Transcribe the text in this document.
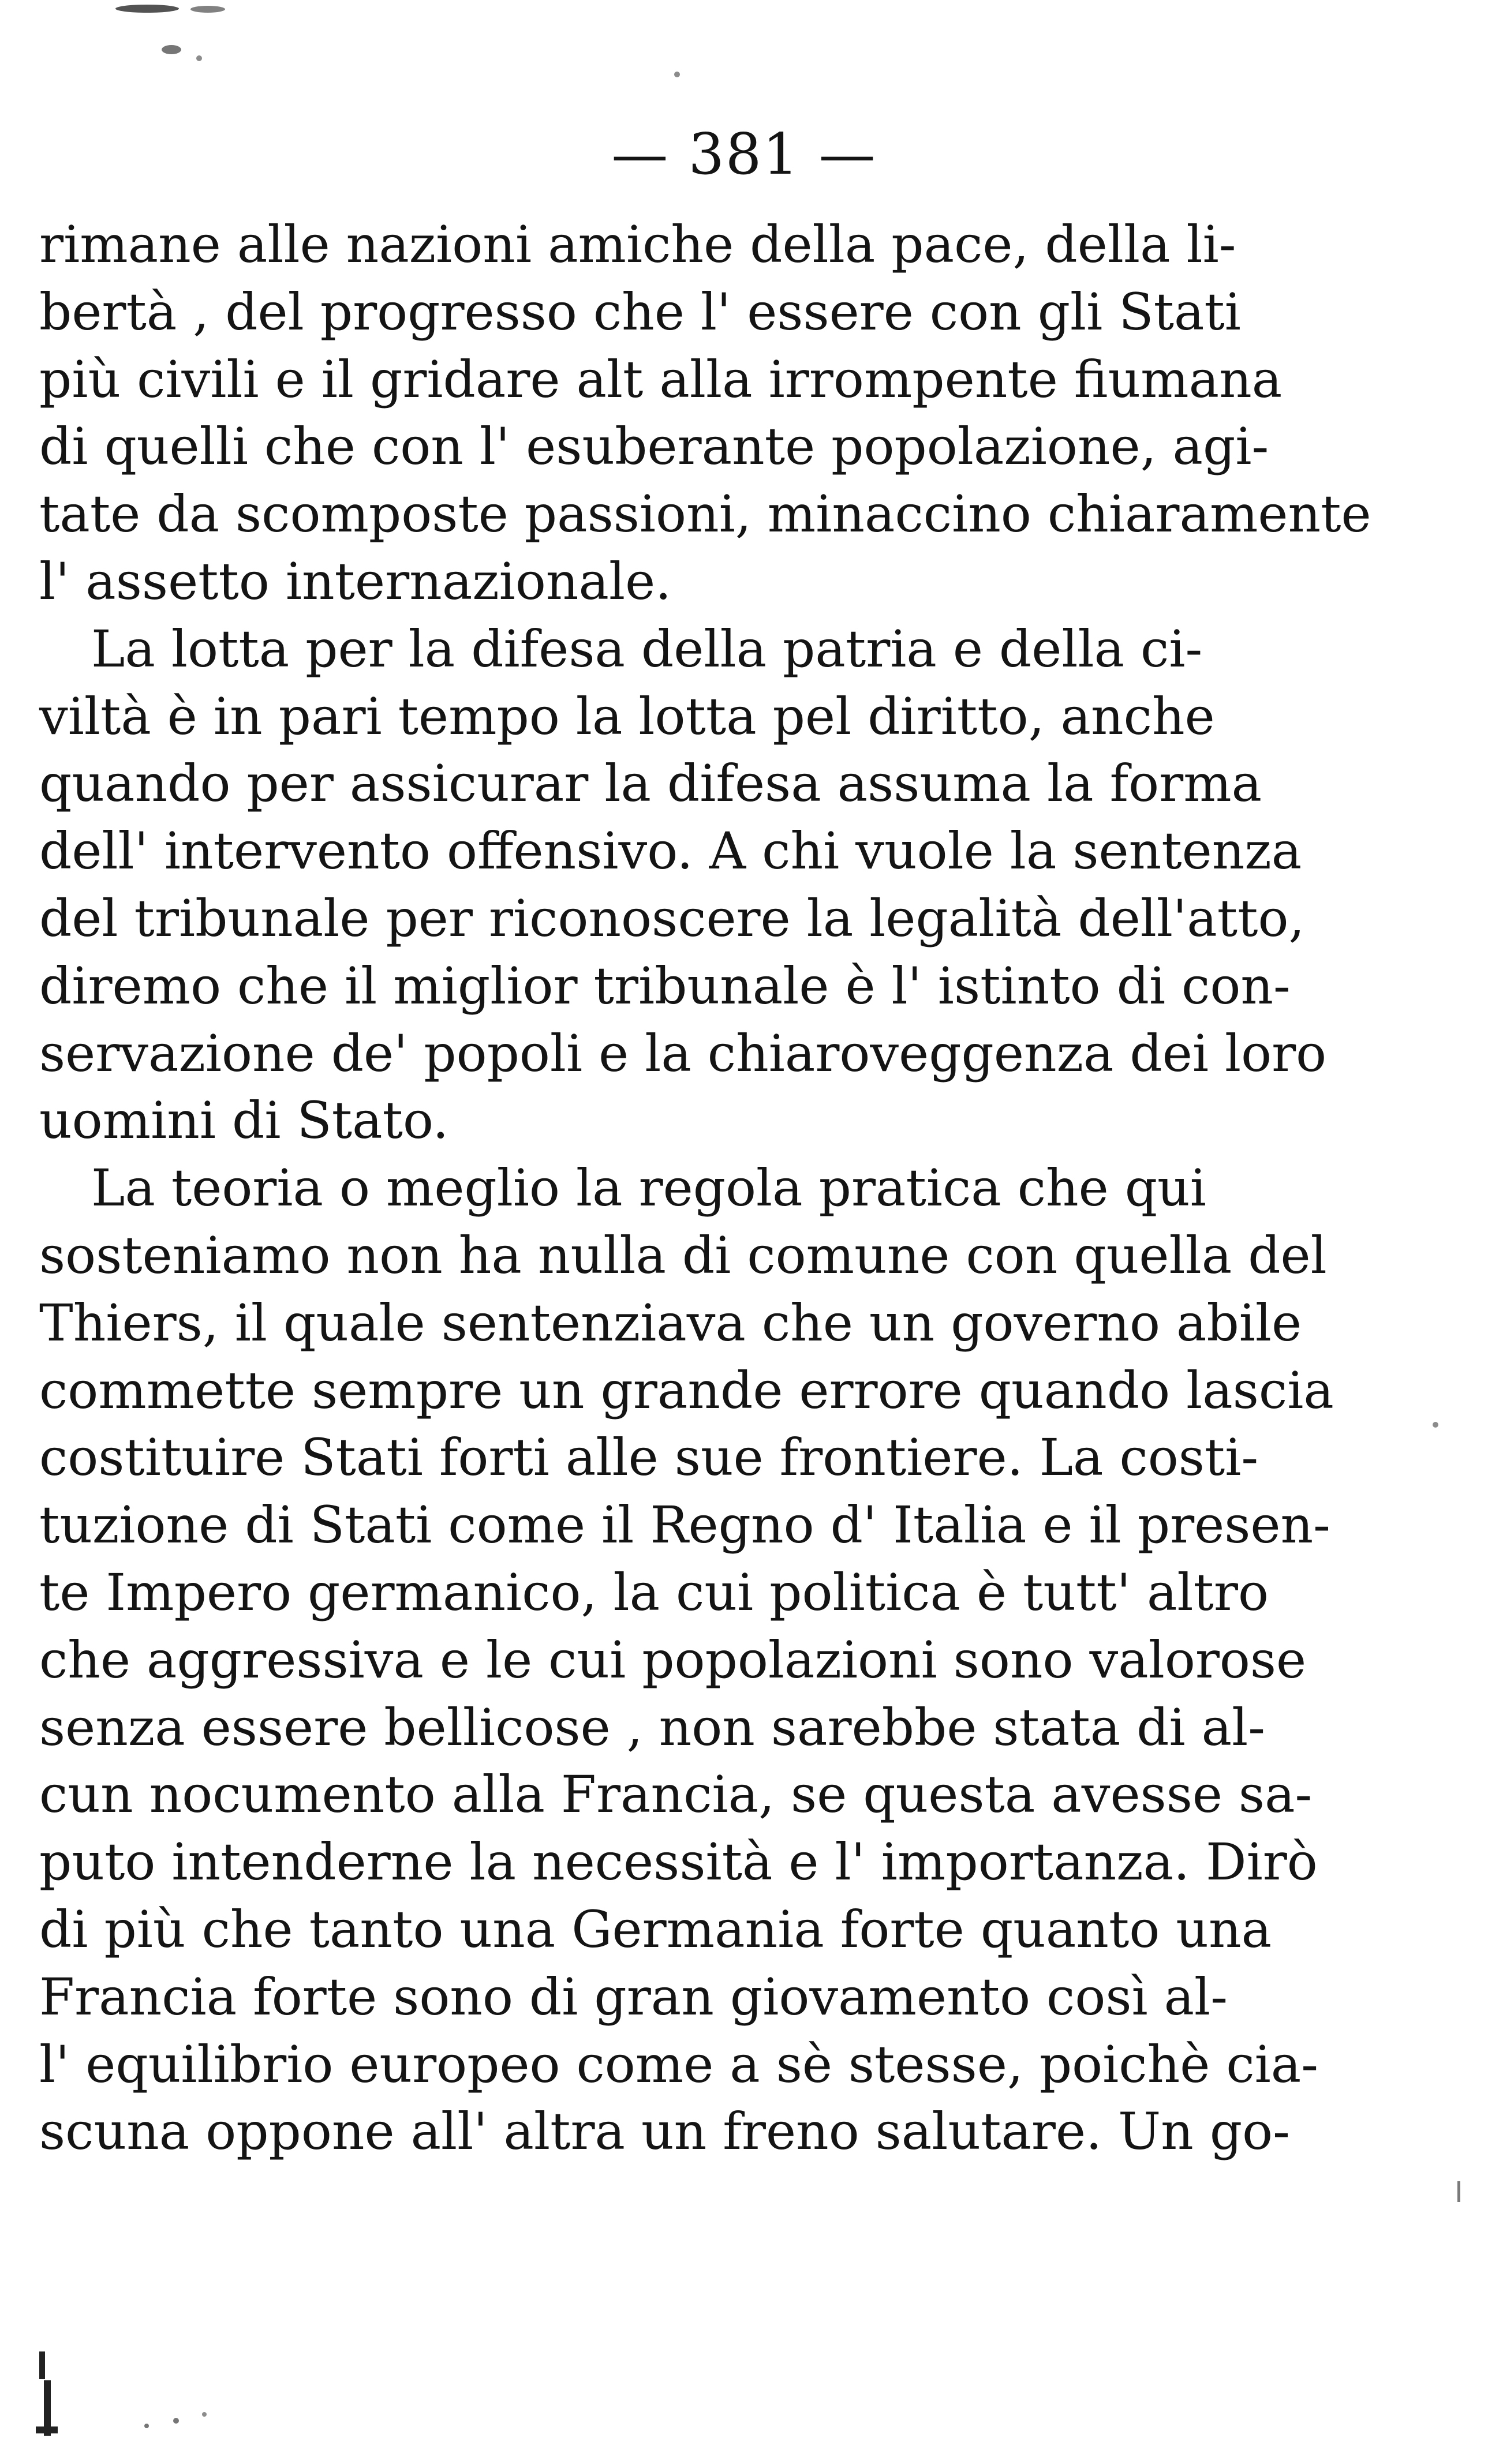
— 381 —
rimane alle nazioni amiche della pace, della li-
bertà , del progresso che l' essere con gli Stati
più civili e il gridare alt alla irrompente fiumana
di quelli che con l' esuberante popolazione, agi-
tate da scomposte passioni, minaccino chiaramente
l' assetto internazionale.
La lotta per la difesa della patria e della ci-
viltà è in pari tempo la lotta pel diritto, anche
quando per assicurar la difesa assuma la forma
dell' intervento offensivo. A chi vuole la sentenza
del tribunale per riconoscere la legalità dell'atto,
diremo che il miglior tribunale è l' istinto di con-
servazione de' popoli e la chiaroveggenza dei loro
uomini di Stato.
La teoria o meglio la regola pratica che qui
sosteniamo non ha nulla di comune con quella del
Thiers, il quale sentenziava che un governo abile
commette sempre un grande errore quando lascia
costituire Stati forti alle sue frontiere. La costi-
tuzione di Stati come il Regno d' Italia e il presen-
te Impero germanico, la cui politica è tutt' altro
che aggressiva e le cui popolazioni sono valorose
senza essere bellicose , non sarebbe stata di al-
cun nocumento alla Francia, se questa avesse sa-
puto intenderne la necessità e l' importanza. Dirò
di più che tanto una Germania forte quanto una
Francia forte sono di gran giovamento così al-
l' equilibrio europeo come a sè stesse, poichè cia-
scuna oppone all' altra un freno salutare. Un go-
